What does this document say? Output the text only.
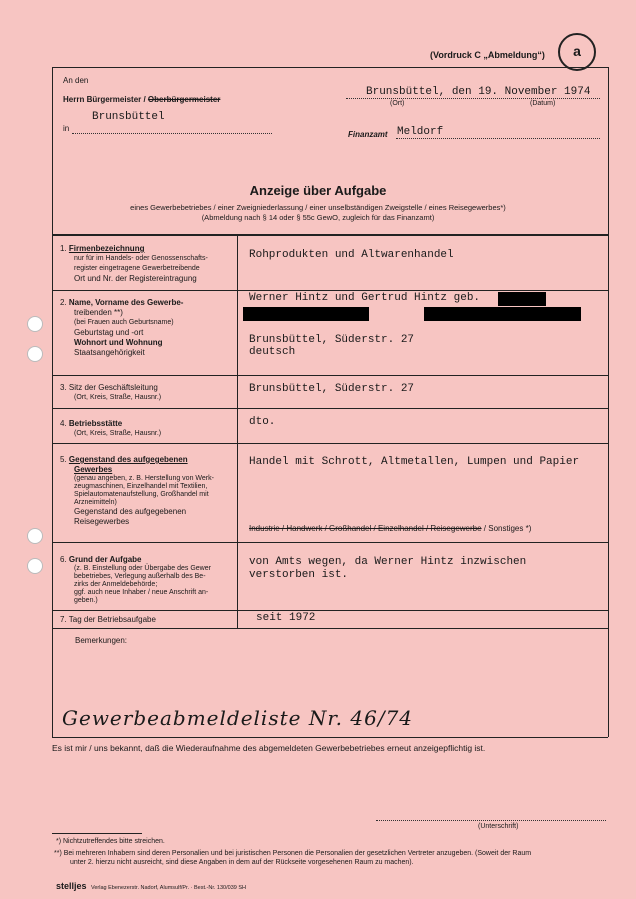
(Vordruck C „Abmeldung“)	a
An den
Herrn Bürgermeister / Oberbürgermeister
Brunsbüttel
in
Brunsbüttel, den 19. November 1974
(Ort)	(Datum)
Finanzamt Meldorf
Anzeige über Aufgabe
eines Gewerbebetriebes / einer Zweigniederlassung / einer unselbständigen Zweigstelle / eines Reisegewerbes*)
(Abmeldung nach § 14 oder § 55c GewO, zugleich für das Finanzamt)
1. Firmenbezeichnung
nur für im Handels- oder Genossenschafts-
register eingetragene Gewerbetreibende
Ort und Nr. der Registereintragung
Rohprodukten und Altwarenhandel
2. Name, Vorname des Gewerbe-
treibenden **)
(bei Frauen auch Geburtsname)
Geburtstag und -ort
Wohnort und Wohnung
Staatsangehörigkeit
Werner Hintz und Gertrud Hintz geb.
Brunsbüttel, Süderstr. 27
deutsch
3. Sitz der Geschäftsleitung
(Ort, Kreis, Straße, Hausnr.)
Brunsbüttel, Süderstr. 27
4. Betriebsstätte
(Ort, Kreis, Straße, Hausnr.)
dto.
5. Gegenstand des aufgegebenen
Gewerbes
(genau angeben, z. B. Herstellung von Werk-
zeugmaschinen, Einzelhandel mit Textilien,
Spielautomatenaufstellung, Großhandel mit
Arzneimitteln)
Gegenstand des aufgegebenen
Reisegewerbes
Handel mit Schrott, Altmetallen, Lumpen und Papier
Industrie / Handwerk / Großhandel / Einzelhandel / Reisegewerbe / Sonstiges *)
6. Grund der Aufgabe
(z. B. Einstellung oder Übergabe des Gewer
bebetriebes, Verlegung außerhalb des Be-
zirks der Anmeldebehörde;
ggf. auch neue Inhaber / neue Anschrift an-
geben.)
von Amts wegen, da Werner Hintz inzwischen
verstorben ist.
7. Tag der Betriebsaufgabe	seit 1972
Bemerkungen:
Gewerbeabmeldeliste Nr. 46/74
Es ist mir / uns bekannt, daß die Wiederaufnahme des abgemeldeten Gewerbebetriebes erneut anzeigepflichtig ist.
(Unterschrift)
*) Nichtzutreffendes bitte streichen.
**) Bei mehreren Inhabern sind deren Personalien und bei juristischen Personen die Personalien der gesetzlichen Vertreter anzugeben. (Soweit der Raum
unter 2. hierzu nicht ausreicht, sind diese Angaben in dem auf der Rückseite vorgesehenen Raum zu machen).
stelljes Verlag Ebenezerstr. Nadorf, Alumsulf/Pr. · Best.-Nr. 130/039 SH
